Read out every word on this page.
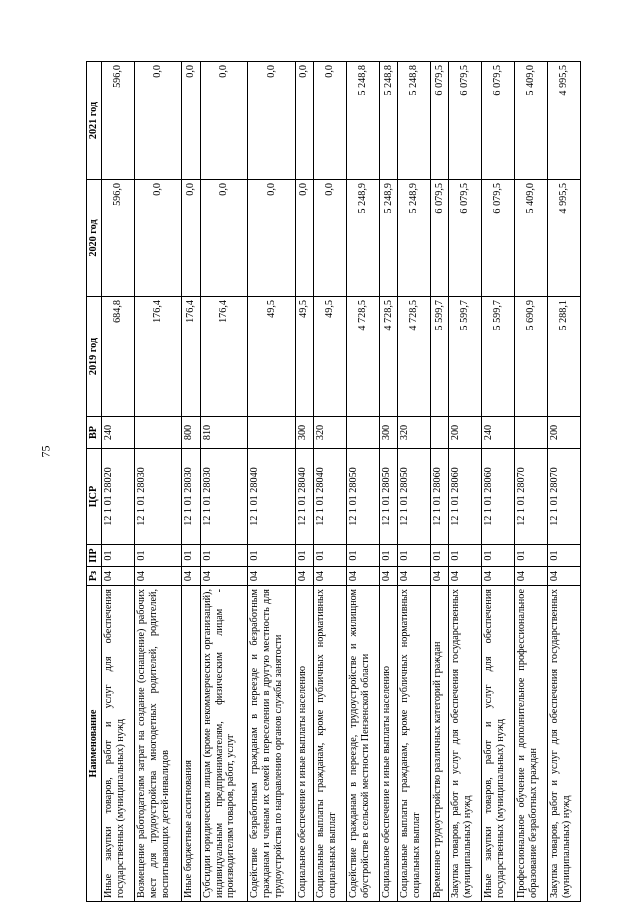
75
Наименование	Рз	ПР	ЦСР	ВР	2019 год	2020 год	2021 год
Иные закупки товаров, работ и услуг для обеспечения государственных (муниципальных) нужд	04	01	12 1 01 28020	240	684,8	596,0	596,0
Возмещение работодателям затрат на создание (оснащение) рабочих мест для трудоустройства многодетных родителей, родителей, воспитывающих детей-инвалидов	04	01	12 1 01 28030		176,4	0,0	0,0
Иные бюджетные ассигнования	04	01	12 1 01 28030	800	176,4	0,0	0,0
Субсидии юридическим лицам (кроме некоммерческих организаций), индивидуальным предпринимателям, физическим лицам - производителям товаров, работ, услуг	04	01	12 1 01 28030	810	176,4	0,0	0,0
Содействие безработным гражданам в переезде и безработным гражданам и членам их семей в переселении в другую местность для трудоустройства по направлению органов службы занятости	04	01	12 1 01 28040		49,5	0,0	0,0
Социальное обеспечение и иные выплаты населению	04	01	12 1 01 28040	300	49,5	0,0	0,0
Социальные выплаты гражданам, кроме публичных нормативных социальных выплат	04	01	12 1 01 28040	320	49,5	0,0	0,0
Содействие гражданам в переезде, трудоустройстве и жилищном обустройстве в сельской местности Пензенской области	04	01	12 1 01 28050		4 728,5	5 248,9	5 248,8
Социальное обеспечение и иные выплаты населению	04	01	12 1 01 28050	300	4 728,5	5 248,9	5 248,8
Социальные выплаты гражданам, кроме публичных нормативных социальных выплат	04	01	12 1 01 28050	320	4 728,5	5 248,9	5 248,8
Временное трудоустройство различных категорий граждан	04	01	12 1 01 28060		5 599,7	6 079,5	6 079,5
Закупка товаров, работ и услуг для обеспечения государственных (муниципальных) нужд	04	01	12 1 01 28060	200	5 599,7	6 079,5	6 079,5
Иные закупки товаров, работ и услуг для обеспечения государственных (муниципальных) нужд	04	01	12 1 01 28060	240	5 599,7	6 079,5	6 079,5
Профессиональное обучение и дополнительное профессиональное образование безработных граждан	04	01	12 1 01 28070		5 690,9	5 409,0	5 409,0
Закупка товаров, работ и услуг для обеспечения государственных (муниципальных) нужд	04	01	12 1 01 28070	200	5 288,1	4 995,5	4 995,5
